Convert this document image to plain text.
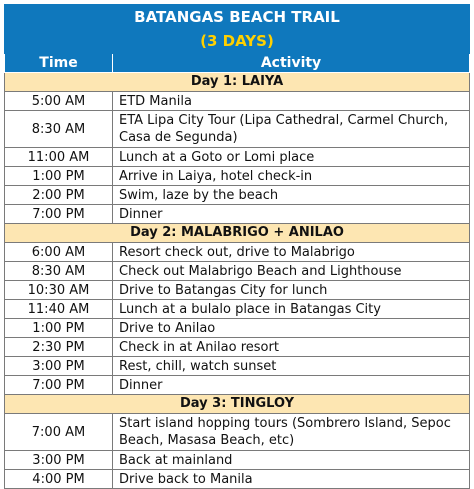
BATANGAS BEACH TRAIL
(3 DAYS)	

Time	Activity
Day 1: LAIYA	
5:00 AM	ETD Manila
8:30 AM	ETA Lipa City Tour (Lipa Cathedral, Carmel Church, Casa de Segunda)
11:00 AM	Lunch at a Goto or Lomi place
1:00 PM	Arrive in Laiya, hotel check-in
2:00 PM	Swim, laze by the beach
7:00 PM	Dinner
Day 2: MALABRIGO + ANILAO	
6:00 AM	Resort check out, drive to Malabrigo
8:30 AM	Check out Malabrigo Beach and Lighthouse
10:30 AM	Drive to Batangas City for lunch
11:40 AM	Lunch at a bulalo place in Batangas City
1:00 PM	Drive to Anilao
2:30 PM	Check in at Anilao resort
3:00 PM	Rest, chill, watch sunset
7:00 PM	Dinner
Day 3: TINGLOY	
7:00 AM	Start island hopping tours (Sombrero Island, Sepoc Beach, Masasa Beach, etc)
3:00 PM	Back at mainland
4:00 PM	Drive back to Manila
